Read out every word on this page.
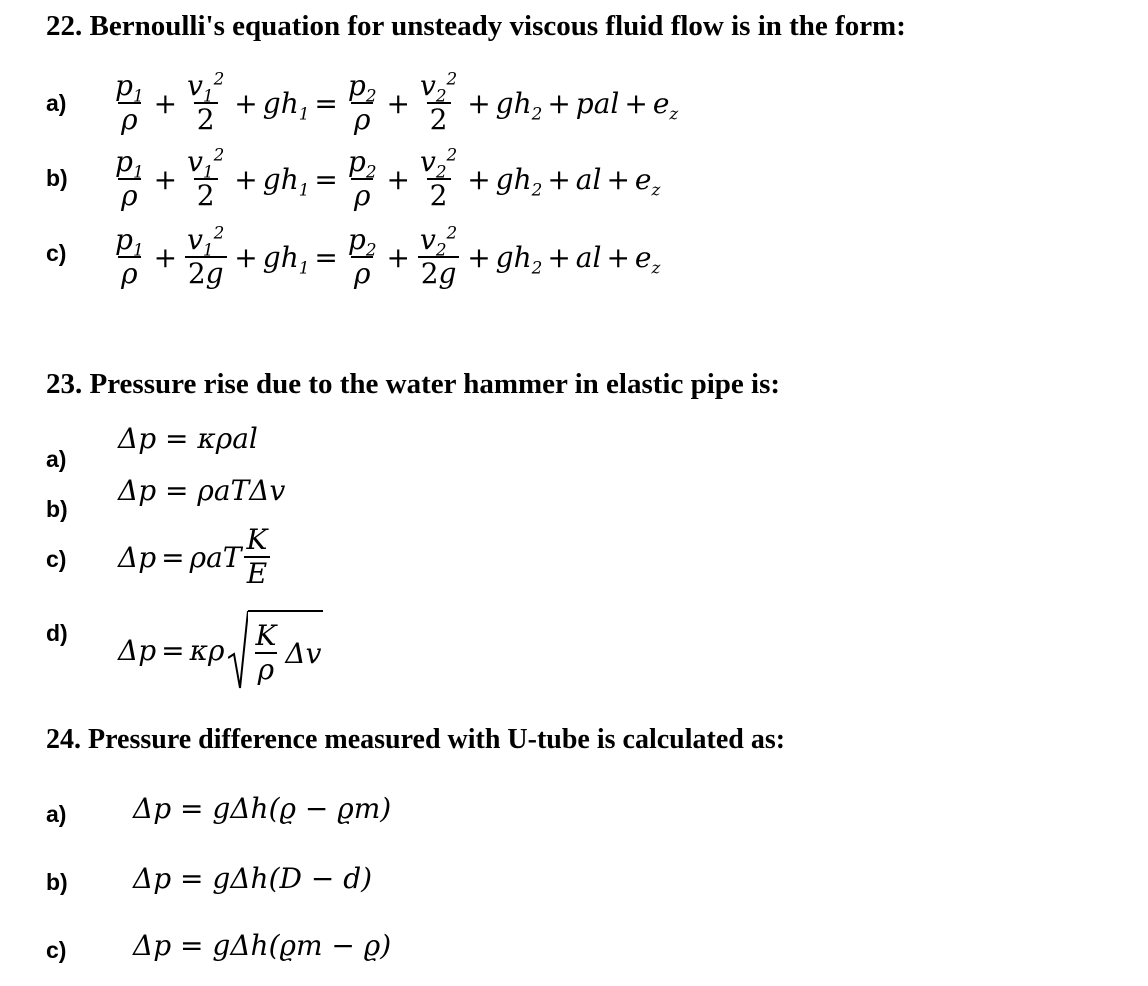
22. Bernoulli's equation for unsteady viscous fluid flow is in the form:
$a) \frac{p_1}{\rho} + \frac{v_1^2}{2} + gh_1 = \frac{p_2}{\rho} + \frac{v_2^2}{2} + gh_2$ + pal + $e_z$
$b) \frac{p_1}{\rho} + \frac{v_1^2}{2} + gh_1 = \frac{p_2}{\rho} + \frac{v_2^2}{2} + gh_2$ + al + $e_z$
$c) \frac{p_1}{\rho} + \frac{v_1^2}{2g} + gh_1 = \frac{p_2}{\rho} + \frac{v_2^2}{2g} + gh_2$ + al + $e_z$
23. Pressure rise due to the water hammer in elastic pipe is:
a)
Δp = κρal
b)
Δp = ρaTΔv
c) Δp = ρaT $\frac{K}{E}$
d)
Δp = κρ $\frac{K}{\rho}$ Δv
24. Pressure difference measured with U-tube is calculated as:
a) Δp = gΔh(ϱ − ϱm)
b) Δp = gΔh(D − d)
c) Δp = gΔh(ϱm − ϱ)
